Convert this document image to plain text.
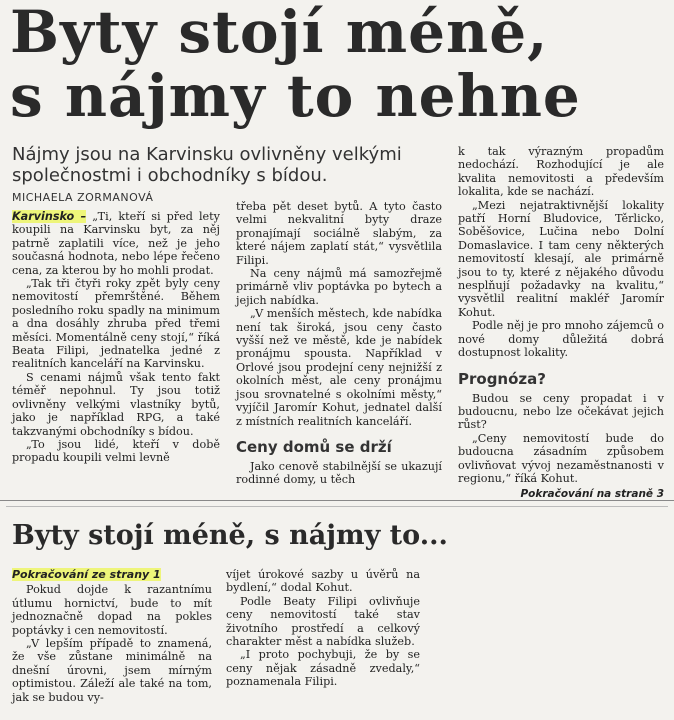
Byty stojí méně,
s nájmy to nehne

Nájmy jsou na Karvinsku ovlivněny velkými společnostmi i obchodníky s bídou.

MICHAELA ZORMANOVÁ

Karvinsko – „Ti, kteří si před lety koupili na Karvinsku byt, za něj patrně zaplatili více, než je jeho současná hodnota, nebo lépe řečeno cena, za kterou by ho mohli prodat.

„Tak tři čtyři roky zpět byly ceny nemovitostí přemrštěné. Během posledního roku spadly na minimum a dna dosáhly zhruba před třemi měsíci. Momentálně ceny stojí,“ říká Beata Filipi, jednatelka jedné z realitních kanceláří na Karvinsku.

S cenami nájmů však tento fakt téměř nepohnul. Ty jsou totiž ovlivněny velkými vlastníky bytů, jako je například RPG, a také takzvanými obchodníky s bídou.

„To jsou lidé, kteří v době propadu koupili velmi levně

třeba pět deset bytů. A tyto často velmi nekvalitní byty draze pronajímají sociálně slabým, za které nájem zaplatí stát,“ vysvětlila Filipi.

Na ceny nájmů má samozřejmě primárně vliv poptávka po bytech a jejich nabídka.

„V menších městech, kde nabídka není tak široká, jsou ceny často vyšší než ve městě, kde je nabídek pronájmu spousta. Například v Orlové jsou prodejní ceny nejnižší z okolních měst, ale ceny pronájmu jsou srovnatelné s okolními městy,“ vyjíčil Jaromír Kohut, jednatel další z místních realitních kanceláří.

Ceny domů se drží

Jako cenově stabilnější se ukazují rodinné domy, u těch

k tak výrazným propadům nedochází. Rozhodující je ale kvalita nemovitosti a především lokalita, kde se nachází.

„Mezi nejatraktivnější lokality patří Horní Bludovice, Těrlicko, Soběšovice, Lučina nebo Dolní Domaslavice. I tam ceny některých nemovitostí klesají, ale primárně jsou to ty, které z nějakého důvodu nesplňují požadavky na kvalitu,“ vysvětlil realitní makléř Jaromír Kohut.

Podle něj je pro mnoho zájemců o nové domy důležitá dobrá dostupnost lokality.

Prognóza?

Budou se ceny propadat i v budoucnu, nebo lze očekávat jejich růst?

„Ceny nemovitostí bude do budoucna zásadním způsobem ovlivňovat vývoj nezaměstnanosti v regionu,“ říká Kohut.

Pokračování na straně 3
Byty stojí méně, s nájmy to...

Pokračování ze strany 1

Pokud dojde k razantnímu útlumu hornictví, bude to mít jednoznačně dopad na pokles poptávky i cen nemovitostí.

„V lepším případě to znamená, že vše zůstane minimálně na dnešní úrovni, jsem mírným optimistou. Záleží ale také na tom, jak se budou vy-

víjet úrokové sazby u úvěrů na bydlení,“ dodal Kohut.

Podle Beaty Filipi ovlivňuje ceny nemovitostí také stav životního prostředí a celkový charakter měst a nabídka služeb.

„I proto pochybuji, že by se ceny nějak zásadně zvedaly,“ poznamenala Filipi.
